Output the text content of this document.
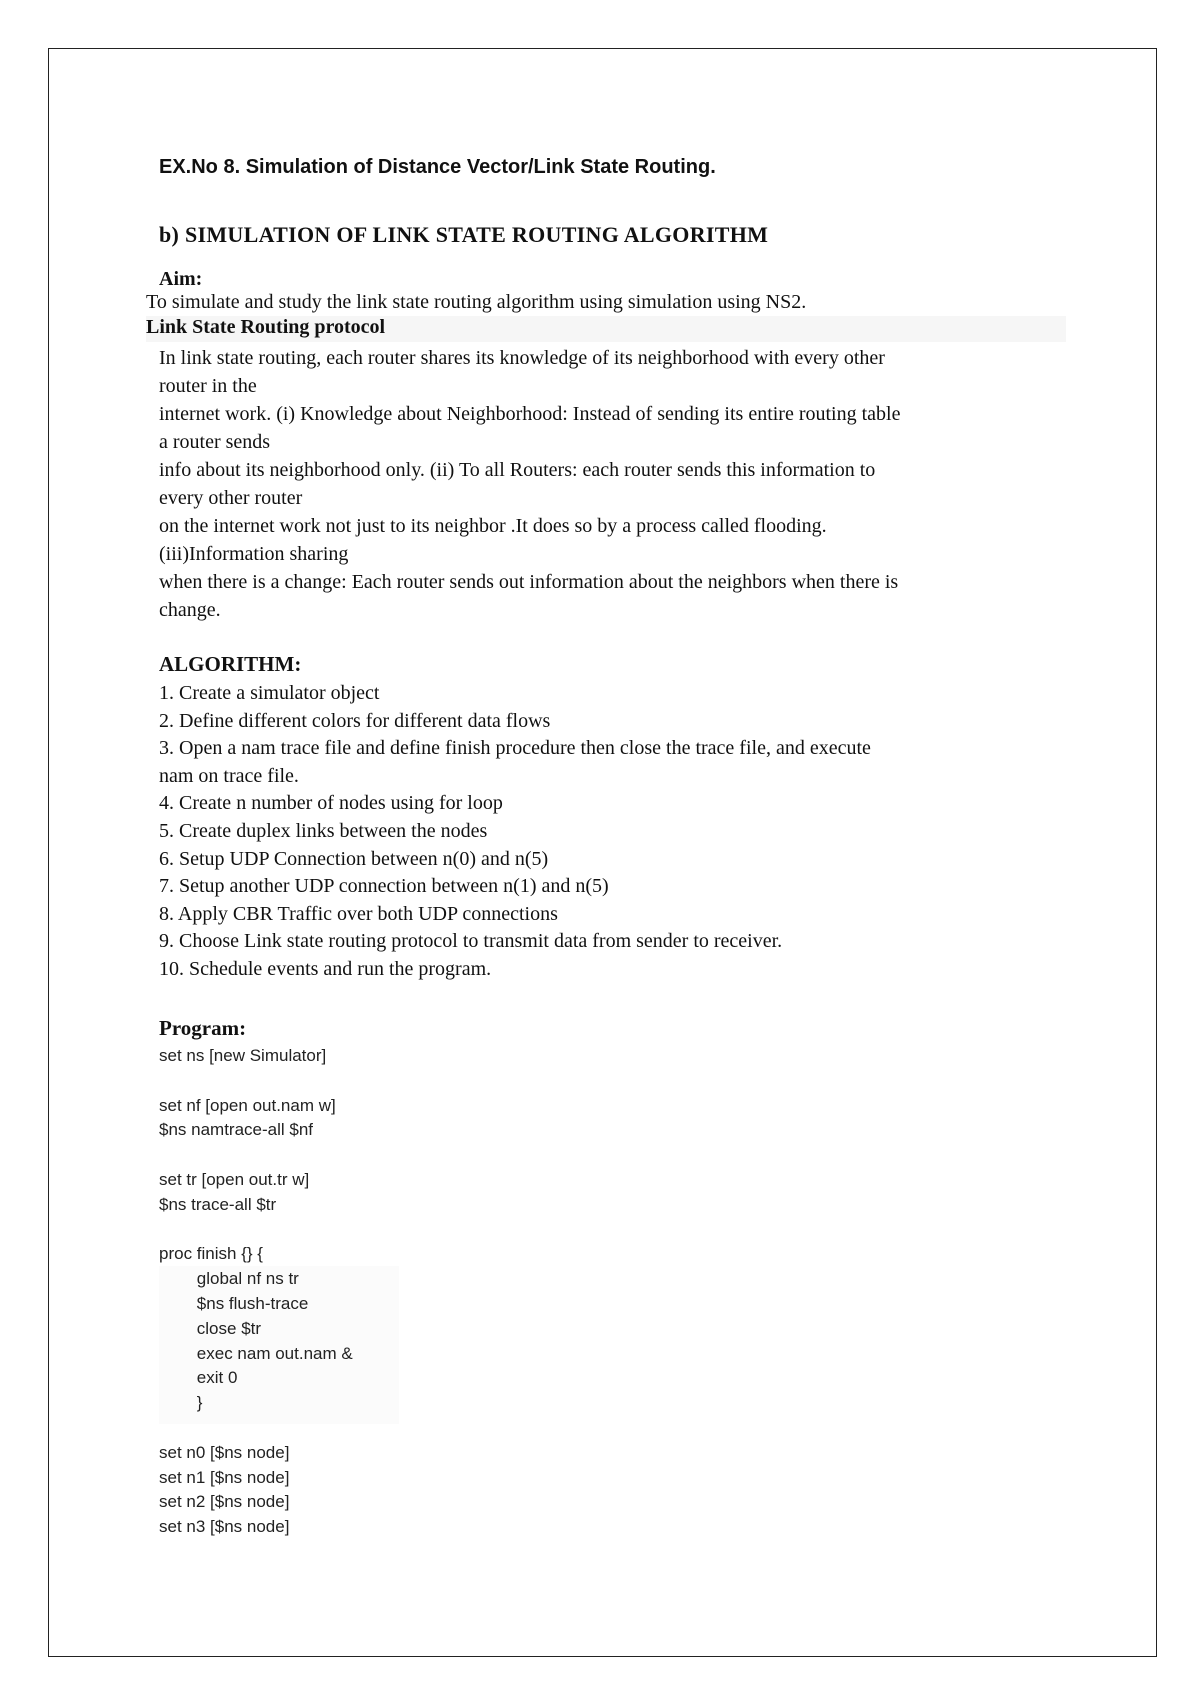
EX.No 8. Simulation of Distance Vector/Link State Routing.
b) SIMULATION OF LINK STATE ROUTING ALGORITHM
Aim:
To simulate and study the link state routing algorithm using simulation using NS2.
Link State Routing protocol
In link state routing, each router shares its knowledge of its neighborhood with every other
router in the
internet work. (i) Knowledge about Neighborhood: Instead of sending its entire routing table
a router sends
info about its neighborhood only. (ii) To all Routers: each router sends this information to
every other router
on the internet work not just to its neighbor .It does so by a process called flooding.
(iii)Information sharing
when there is a change: Each router sends out information about the neighbors when there is
change.
ALGORITHM:
1. Create a simulator object
2. Define different colors for different data flows
3. Open a nam trace file and define finish procedure then close the trace file, and execute
nam on trace file.
4. Create n number of nodes using for loop
5. Create duplex links between the nodes
6. Setup UDP Connection between n(0) and n(5)
7. Setup another UDP connection between n(1) and n(5)
8. Apply CBR Traffic over both UDP connections
9. Choose Link state routing protocol to transmit data from sender to receiver.
10. Schedule events and run the program.
Program:
set ns [new Simulator]
set nf [open out.nam w]
$ns namtrace-all $nf
set tr [open out.tr w]
$ns trace-all $tr
proc finish {} {
global nf ns tr
$ns flush-trace
close $tr
exec nam out.nam &
exit 0
}
set n0 [$ns node]
set n1 [$ns node]
set n2 [$ns node]
set n3 [$ns node]
